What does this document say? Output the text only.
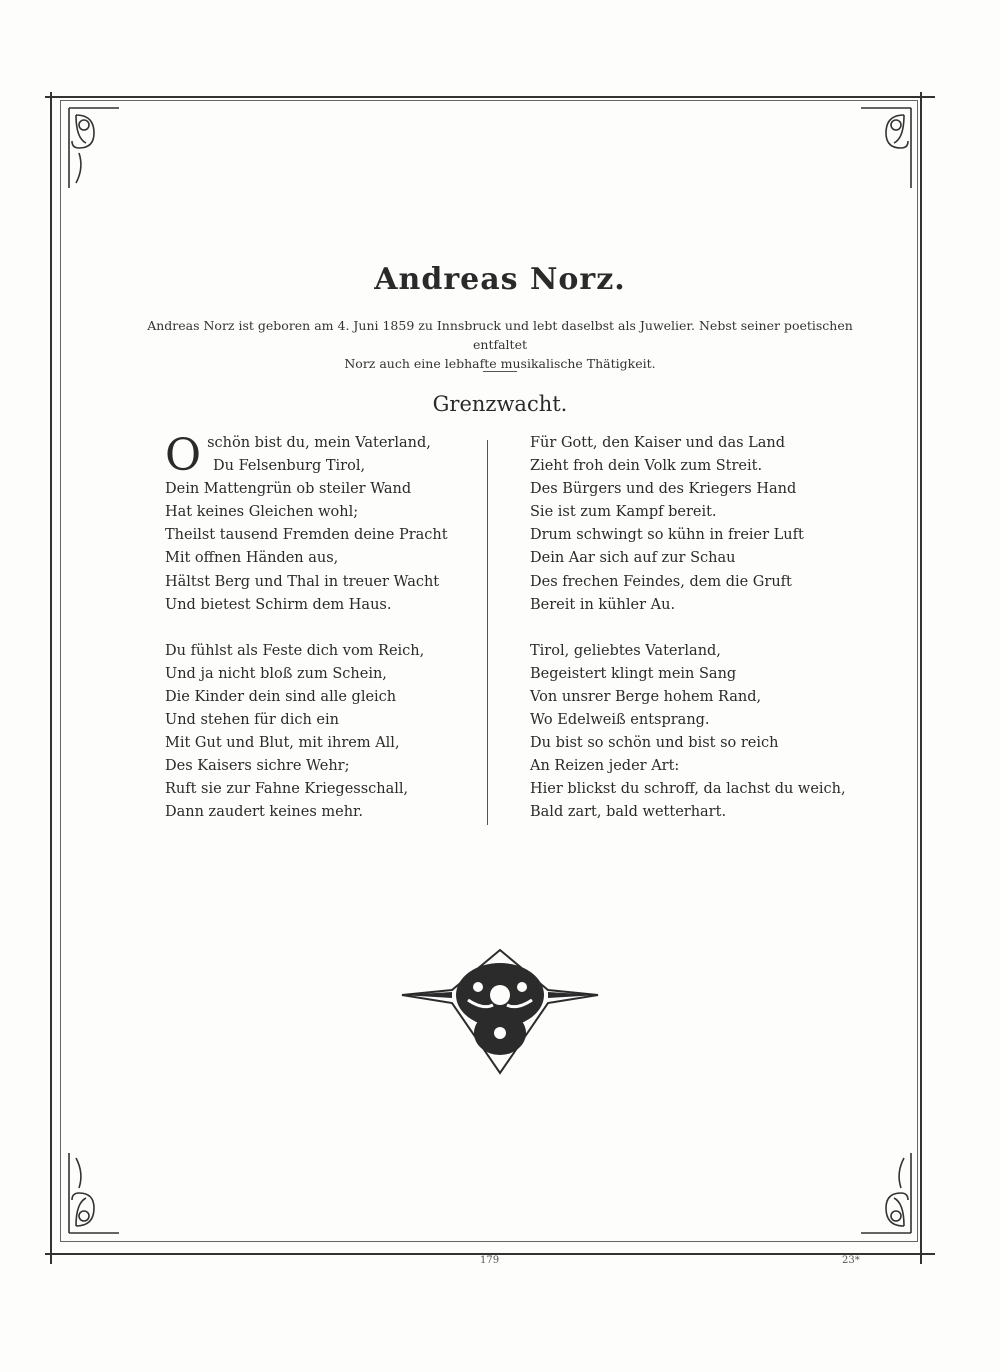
Andreas Norz.
Andreas Norz ist geboren am 4. Juni 1859 zu Innsbruck und lebt daselbst als Juwelier. Nebst seiner poetischen entfaltet
Norz auch eine lebhafte musikalische Thätigkeit.
Grenzwacht.
O schön bist du, mein Vaterland,

Du Felsenburg Tirol,

Dein Mattengrün ob steiler Wand

Hat keines Gleichen wohl;

Theilst tausend Fremden deine Pracht

Mit offnen Händen aus,

Hältst Berg und Thal in treuer Wacht

Und bietest Schirm dem Haus.

Du fühlst als Feste dich vom Reich,

Und ja nicht bloß zum Schein,

Die Kinder dein sind alle gleich

Und stehen für dich ein

Mit Gut und Blut, mit ihrem All,

Des Kaisers sichre Wehr;

Ruft sie zur Fahne Kriegesschall,

Dann zaudert keines mehr.

Für Gott, den Kaiser und das Land

Zieht froh dein Volk zum Streit.

Des Bürgers und des Kriegers Hand

Sie ist zum Kampf bereit.

Drum schwingt so kühn in freier Luft

Dein Aar sich auf zur Schau

Des frechen Feindes, dem die Gruft

Bereit in kühler Au.

Tirol, geliebtes Vaterland,

Begeistert klingt mein Sang

Von unsrer Berge hohem Rand,

Wo Edelweiß entsprang.

Du bist so schön und bist so reich

An Reizen jeder Art:

Hier blickst du schroff, da lachst du weich,

Bald zart, bald wetterhart.

179	23*
